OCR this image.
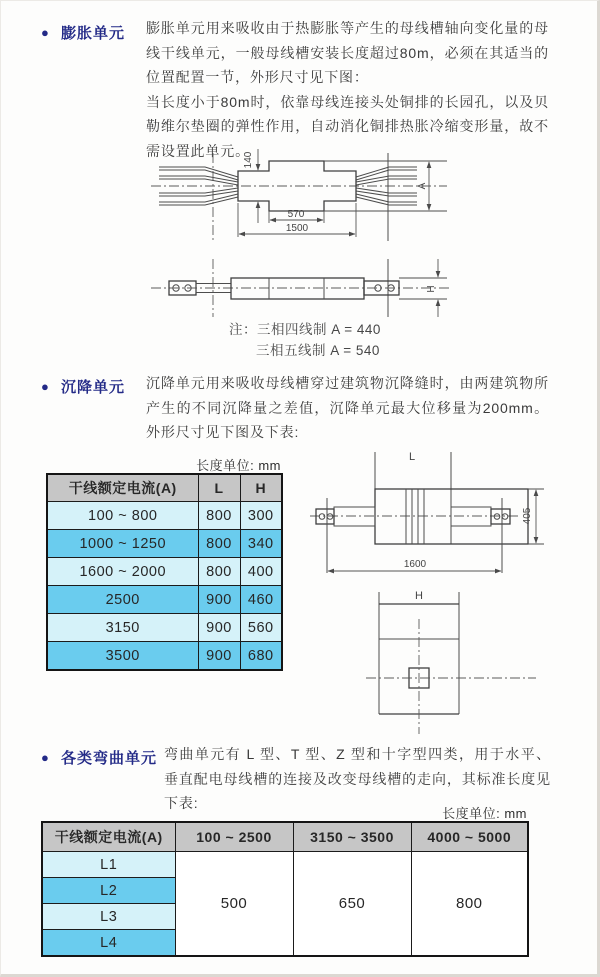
● 膨胀单元 膨胀单元用来吸收由于热膨胀等产生的母线槽轴向变化量的母线干线单元，一般母线槽安装长度超过80m，必须在其适当的位置配置一节，外形尺寸见下图：

当长度小于80m时，依靠母线连接头处铜排的长园孔，以及贝勒维尔垫圈的弹性作用，自动消化铜排热胀冷缩变形量，故不需设置此单元。

140
570
1500
A
H
注：三相四线制 A = 440
三相五线制 A = 540
● 沉降单元 沉降单元用来吸收母线槽穿过建筑物沉降缝时，由两建筑物所产生的不同沉降量之差值，沉降单元最大位移量为200mm。外形尺寸见下图及下表:

长度单位: mm
干线额定电流(A)	L	H
100 ~ 800	800	300
1000 ~ 1250	800	340
1600 ~ 2000	800	400
2500	900	460
3150	900	560
3500	900	680
L
405
1600
H
● 各类弯曲单元 弯曲单元有 L 型、T 型、Z 型和十字型四类，用于水平、垂直配电母线槽的连接及改变母线槽的走向，其标准长度见下表:

长度单位: mm
干线额定电流(A)	100 ~ 2500	3150 ~ 3500	4000 ~ 5000
L1	500	650	800
L2			
L3			
L4			
